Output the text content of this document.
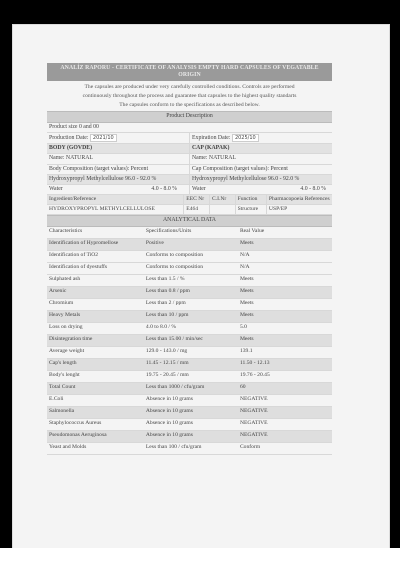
ANALİZ RAPORU - CERTIFICATE OF ANALYSIS EMPTY HARD CAPSULES OF VEGATABLE ORIGIN
The capsules are produced under very carefully controlled conditions. Controls are performed
continuously throughout the process and guarantee that capsules to the highest quality standarts
The capsules conform to the specifications as described below.
Product Description
Product size 0 and 00
Production Date: 2021/10	Expiration Date: 2025/10
BODY (GÖVDE)	CAP (KAPAK)
Name: NATURAL	Name: NATURAL
Body Composition (target values): Percent	Cap Composition (target values): Percent
Hydroxypropyl Methylcellulose 96.0 - 92.0 %	Hydroxypropyl Methylcellulose 96.0 - 92.0 %
Water	4.0 - 8.0 %	Water	4.0 - 8.0 %
Ingredient/Reference	EEC Nr	C.I.Nr	Function	Pharmacopoeia References
HYDROXYPROPYL METHYLCELLULOSE	E464		Structure	USP/EP
ANALYTICAL DATA
Characteristics	Specifications/Units	Real Value
Identification of Hypromellose	Positive	Meets
Identification of TiO2	Conforms to composition	N/A
Identification of dyestuffs	Conforms to composition	N/A
Sulphated ash	Less than 1.5 / %	Meets
Arsenic	Less than 0.8 / ppm	Meets
Chromium	Less than 2 / ppm	Meets
Heavy Metals	Less than 10 / ppm	Meets
Loss on drying	4.0 to 8.0 / %	5.0
Disintegration time	Less than 15.00 / min/sec	Meets
Average weight	129.0 - 143.0 / mg	139.1
Cap's length	11.45 - 12.15 / mm	11.50 - 12.13
Body's lenght	19.75 - 20.45 / mm	19.76 - 20.45
Total Count	Less than 1000 / cfu/gram	60
E.Coli	Absence in 10 grams	NEGATIVE
Salmonella	Absence in 10 grams	NEGATIVE
Staphylococcus Aureus	Absence in 10 grams	NEGATIVE
Pseudomonas Aeruginosa	Absence in 10 grams	NEGATIVE
Yeast and Molds	Less than 100 / cfu/gram	Conform
